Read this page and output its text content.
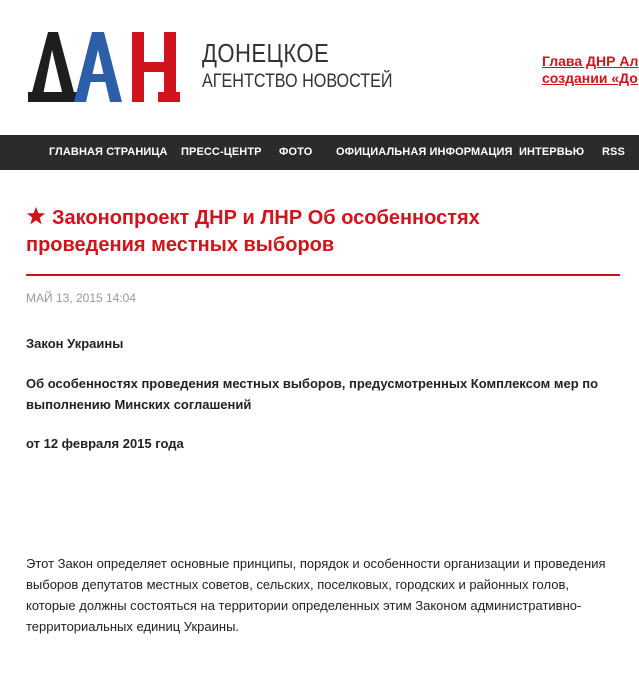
ДОНЕЦКОЕ
АГЕНТСТВО НОВОСТЕЙ
Глава ДНР Ал
создании «До
ГЛАВНАЯ СТРАНИЦА ПРЕСС-ЦЕНТР ФОТО ОФИЦИАЛЬНАЯ ИНФОРМАЦИЯ ИНТЕРВЬЮ RSS
Законопроект ДНР и ЛНР Об особенностях
проведения местных выборов
МАЙ 13, 2015 14:04
Закон Украины
Об особенностях проведения местных выборов, предусмотренных Комплексом мер по
выполнению Минских соглашений
от 12 февраля 2015 года
Этот Закон определяет основные принципы, порядок и особенности организации и проведения
выборов депутатов местных советов, сельских, поселковых, городских и районных голов,
которые должны состояться на территории определенных этим Законом административно-
территориальных единиц Украины.
